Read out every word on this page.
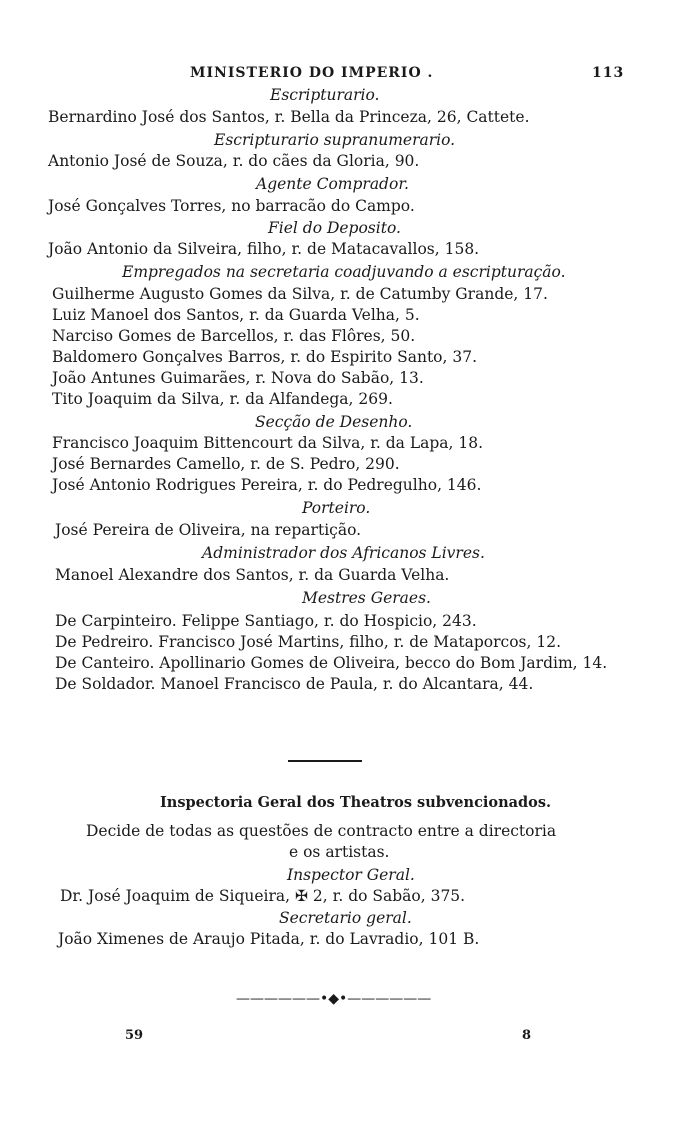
MINISTERIO DO IMPERIO .	113
Escripturario.
Bernardino José dos Santos, r. Bella da Princeza, 26, Cattete.
Escripturario supranumerario.
Antonio José de Souza, r. do cães da Gloria, 90.
Agente Comprador.
José Gonçalves Torres, no barracão do Campo.
Fiel do Deposito.
João Antonio da Silveira, filho, r. de Matacavallos, 158.
Empregados na secretaria coadjuvando a escripturação.
Guilherme Augusto Gomes da Silva, r. de Catumby Grande, 17.
Luiz Manoel dos Santos, r. da Guarda Velha, 5.
Narciso Gomes de Barcellos, r. das Flôres, 50.
Baldomero Gonçalves Barros, r. do Espirito Santo, 37.
João Antunes Guimarães, r. Nova do Sabão, 13.
Tito Joaquim da Silva, r. da Alfandega, 269.
Secção de Desenho.
Francisco Joaquim Bittencourt da Silva, r. da Lapa, 18.
José Bernardes Camello, r. de S. Pedro, 290.
José Antonio Rodrigues Pereira, r. do Pedregulho, 146.
Porteiro.
José Pereira de Oliveira, na repartição.
Administrador dos Africanos Livres.
Manoel Alexandre dos Santos, r. da Guarda Velha.
Mestres Geraes.
De Carpinteiro. Felippe Santiago, r. do Hospicio, 243.
De Pedreiro. Francisco José Martins, filho, r. de Mataporcos, 12.
De Canteiro. Apollinario Gomes de Oliveira, becco do Bom Jardim, 14.
De Soldador. Manoel Francisco de Paula, r. do Alcantara, 44.
Inspectoria Geral dos Theatros subvencionados.
Decide de todas as questões de contracto entre a directoria
e os artistas.
Inspector Geral.
Dr. José Joaquim de Siqueira, ✠ 2, r. do Sabão, 375.
Secretario geral.
João Ximenes de Araujo Pitada, r. do Lavradio, 101 B.
——————•◆•——————
59	8
